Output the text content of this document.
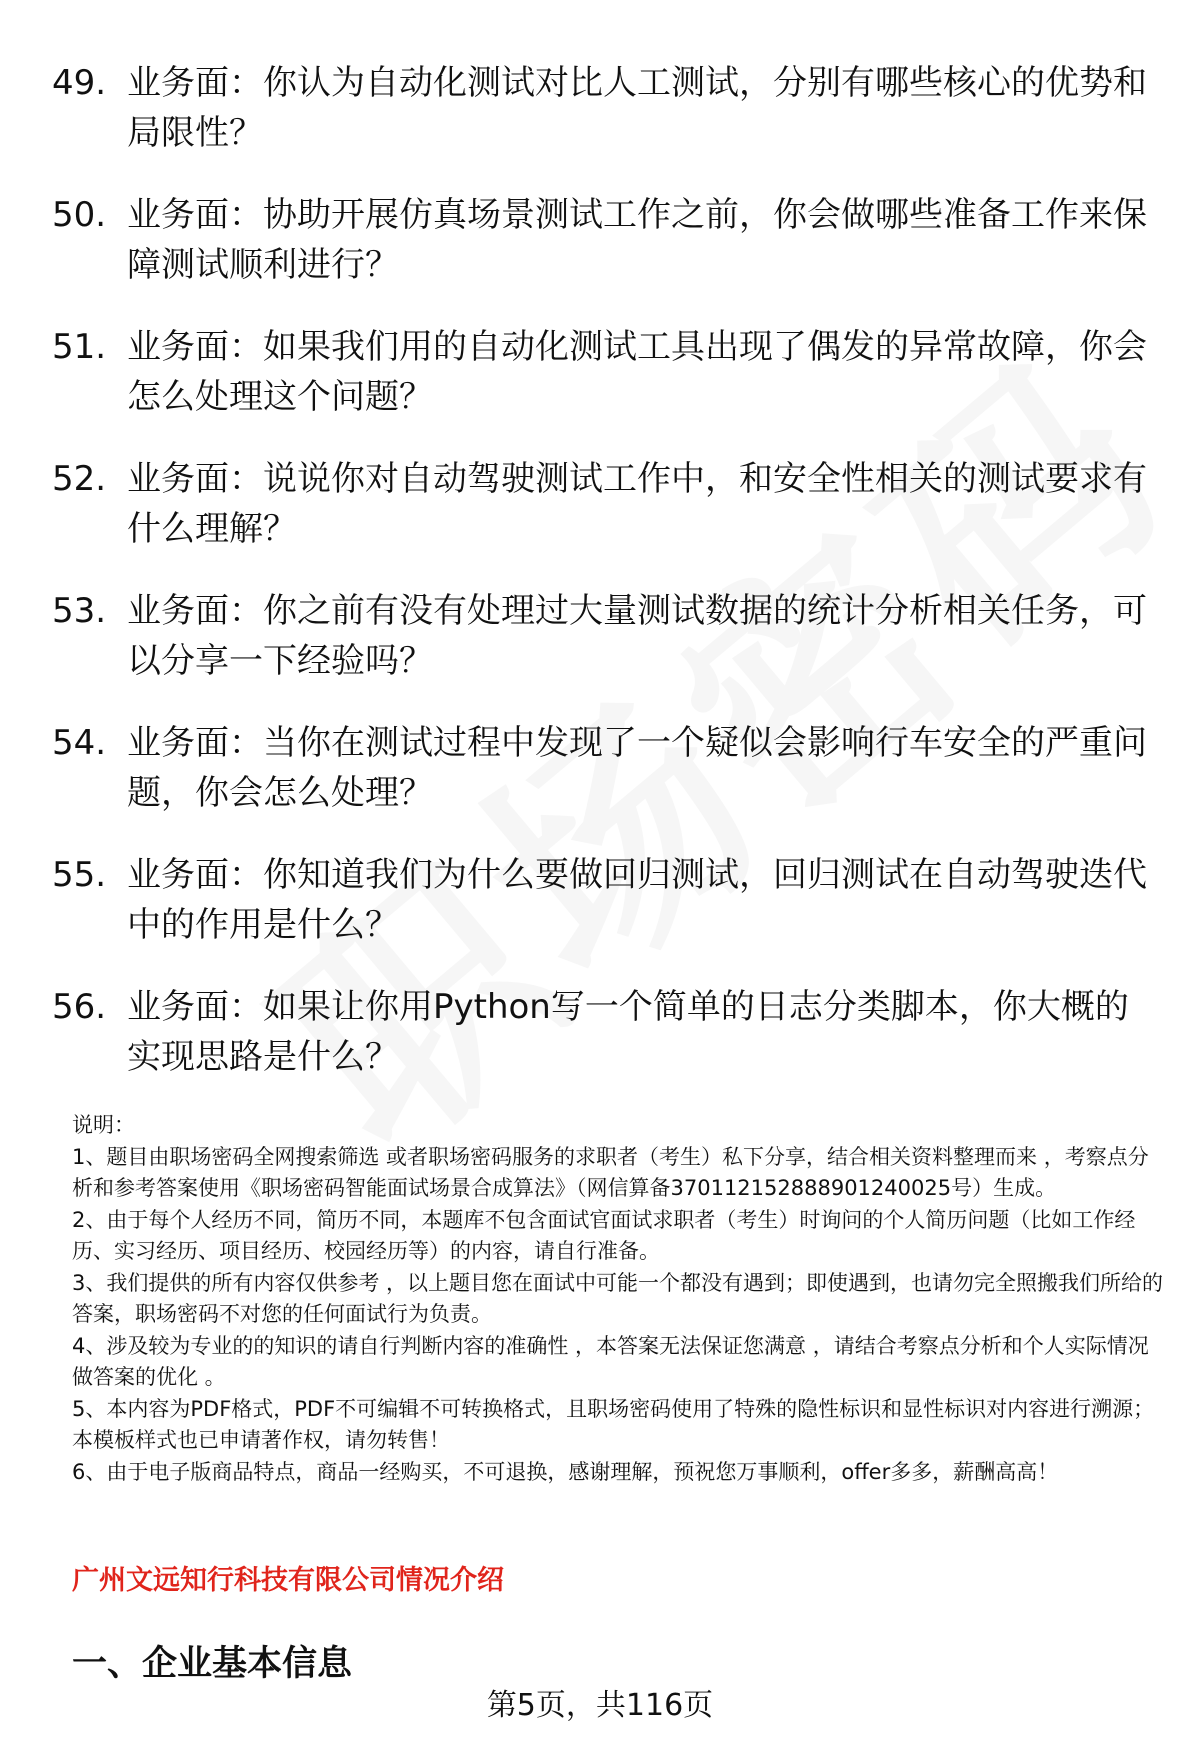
49. 业务面：你认为自动化测试对比人工测试，分别有哪些核心的优势和局限性？
50. 业务面：协助开展仿真场景测试工作之前，你会做哪些准备工作来保障测试顺利进行？
51. 业务面：如果我们用的自动化测试工具出现了偶发的异常故障，你会怎么处理这个问题？
52. 业务面：说说你对自动驾驶测试工作中，和安全性相关的测试要求有什么理解？
53. 业务面：你之前有没有处理过大量测试数据的统计分析相关任务，可以分享一下经验吗？
54. 业务面：当你在测试过程中发现了一个疑似会影响行车安全的严重问题，你会怎么处理？
55. 业务面：你知道我们为什么要做回归测试，回归测试在自动驾驶迭代中的作用是什么？
56. 业务面：如果让你用Python写一个简单的日志分类脚本，你大概的实现思路是什么？

说明：

1、题目由职场密码全网搜索筛选 或者职场密码服务的求职者（考生）私下分享，结合相关资料整理而来 ，考察点分析和参考答案使用《职场密码智能面试场景合成算法》（网信算备370112152888901240025号）生成。

2、由于每个人经历不同，简历不同，本题库不包含面试官面试求职者（考生）时询问的个人简历问题（比如工作经历、实习经历、项目经历、校园经历等）的内容，请自行准备。

3、我们提供的所有内容仅供参考 ，以上题目您在面试中可能一个都没有遇到；即使遇到，也请勿完全照搬我们所给的答案，职场密码不对您的任何面试行为负责。

4、涉及较为专业的的知识的请自行判断内容的准确性 ，本答案无法保证您满意 ，请结合考察点分析和个人实际情况做答案的优化 。

5、本内容为PDF格式，PDF不可编辑不可转换格式，且职场密码使用了特殊的隐性标识和显性标识对内容进行溯源；本模板样式也已申请著作权，请勿转售！

6、由于电子版商品特点，商品一经购买，不可退换，感谢理解，预祝您万事顺利，offer多多，薪酬高高！

广州文远知行科技有限公司情况介绍
一、企业基本信息
第5页，共116页
